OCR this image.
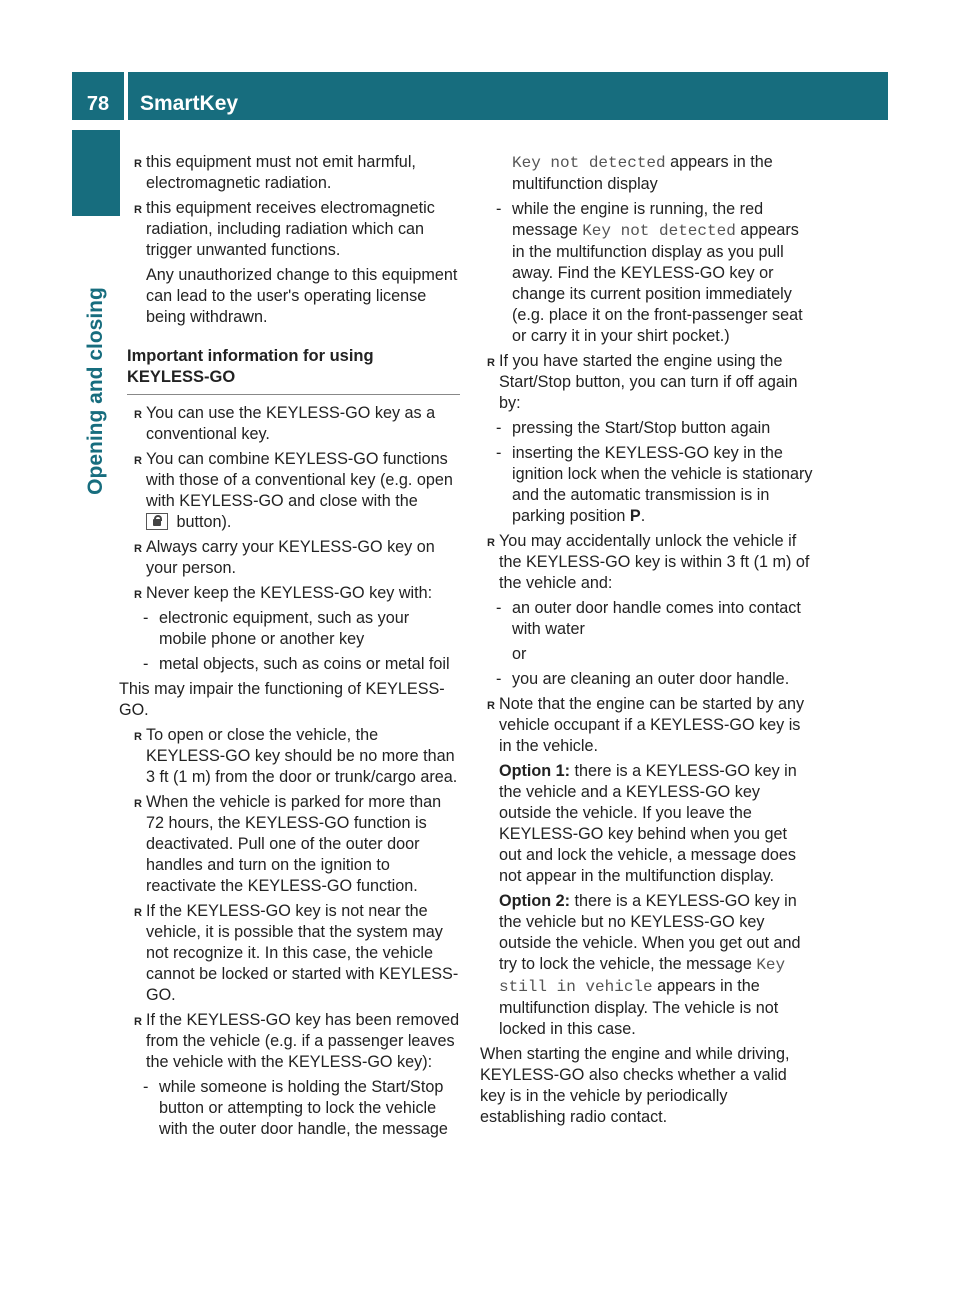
78	SmartKey
Opening and closing

R this equipment must not emit harmful, electromagnetic radiation.

R this equipment receives electromagnetic radiation, including radiation which can trigger unwanted functions.

Any unauthorized change to this equipment can lead to the user's operating license being withdrawn.

Important information for using KEYLESS-GO

R You can use the KEYLESS-GO key as a conventional key.

R You can combine KEYLESS-GO functions with those of a conventional key (e.g. open with KEYLESS-GO and close with the
button).

R Always carry your KEYLESS-GO key on your person.

R Never keep the KEYLESS-GO key with:

- electronic equipment, such as your mobile phone or another key

- metal objects, such as coins or metal foil

This may impair the functioning of KEYLESS-GO.

R To open or close the vehicle, the KEYLESS-GO key should be no more than 3 ft (1 m) from the door or trunk/cargo area.

R When the vehicle is parked for more than 72 hours, the KEYLESS-GO function is deactivated. Pull one of the outer door handles and turn on the ignition to reactivate the KEYLESS-GO function.

R If the KEYLESS-GO key is not near the vehicle, it is possible that the system may not recognize it. In this case, the vehicle cannot be locked or started with KEYLESS-GO.

R If the KEYLESS-GO key has been removed from the vehicle (e.g. if a passenger leaves the vehicle with the KEYLESS-GO key):

- while someone is holding the Start/Stop button or attempting to lock the vehicle with the outer door handle, the message

Key not detected appears in the multifunction display

- while the engine is running, the red message Key not detected appears in the multifunction display as you pull away. Find the KEYLESS-GO key or change its current position immediately (e.g. place it on the front-passenger seat or carry it in your shirt pocket.)

R If you have started the engine using the Start/Stop button, you can turn if off again by:

- pressing the Start/Stop button again

- inserting the KEYLESS-GO key in the ignition lock when the vehicle is stationary and the automatic transmission is in parking position P.

R You may accidentally unlock the vehicle if the KEYLESS-GO key is within 3 ft (1 m) of the vehicle and:

- an outer door handle comes into contact with water

or

- you are cleaning an outer door handle.

R Note that the engine can be started by any vehicle occupant if a KEYLESS-GO key is in the vehicle.

Option 1: there is a KEYLESS-GO key in the vehicle and a KEYLESS-GO key outside the vehicle. If you leave the KEYLESS-GO key behind when you get out and lock the vehicle, a message does not appear in the multifunction display.

Option 2: there is a KEYLESS-GO key in the vehicle but no KEYLESS-GO key outside the vehicle. When you get out and try to lock the vehicle, the message Key still in vehicle appears in the multifunction display. The vehicle is not locked in this case.

When starting the engine and while driving, KEYLESS-GO also checks whether a valid key is in the vehicle by periodically establishing radio contact.
